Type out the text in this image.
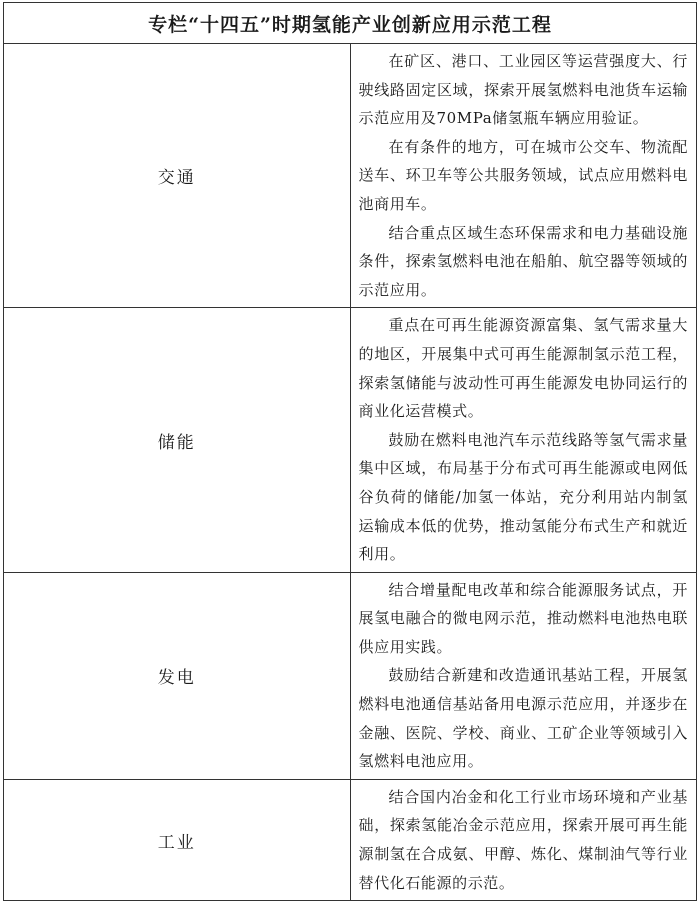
专栏“十四五”时期氢能产业创新应用示范工程	
交通	在矿区、港口、工业园区等运营强度大、行驶线路固定区域，探索开展氢燃料电池货车运输示范应用及70MPa储氢瓶车辆应用验证。

在有条件的地方，可在城市公交车、物流配送车、环卫车等公共服务领域，试点应用燃料电池商用车。

结合重点区域生态环保需求和电力基础设施条件，探索氢燃料电池在船舶、航空器等领域的示范应用。

储能	重点在可再生能源资源富集、氢气需求量大的地区，开展集中式可再生能源制氢示范工程，探索氢储能与波动性可再生能源发电协同运行的商业化运营模式。

鼓励在燃料电池汽车示范线路等氢气需求量集中区域，布局基于分布式可再生能源或电网低谷负荷的储能/加氢一体站，充分利用站内制氢运输成本低的优势，推动氢能分布式生产和就近利用。

发电	结合增量配电改革和综合能源服务试点，开展氢电融合的微电网示范，推动燃料电池热电联供应用实践。

鼓励结合新建和改造通讯基站工程，开展氢燃料电池通信基站备用电源示范应用，并逐步在金融、医院、学校、商业、工矿企业等领域引入氢燃料电池应用。

工业	结合国内冶金和化工行业市场环境和产业基础，探索氢能冶金示范应用，探索开展可再生能源制氢在合成氨、甲醇、炼化、煤制油气等行业替代化石能源的示范。
